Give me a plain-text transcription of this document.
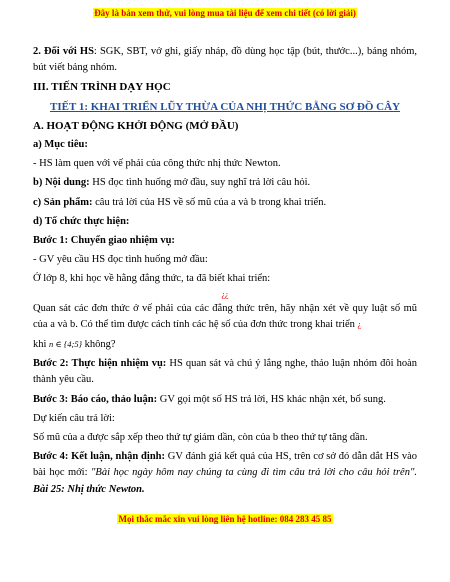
Đây là bản xem thử, vui lòng mua tài liệu để xem chi tiết (có lời giải)

2. Đối với HS: SGK, SBT, vở ghi, giấy nháp, đồ dùng học tập (bút, thước...), bảng nhóm, bút viết bảng nhóm.

III. TIẾN TRÌNH DẠY HỌC

TIẾT 1: KHAI TRIỂN LŨY THỪA CỦA NHỊ THỨC BẰNG SƠ ĐỒ CÂY

A. HOẠT ĐỘNG KHỞI ĐỘNG (MỞ ĐẦU)

a) Mục tiêu:

- HS làm quen với vế phải của công thức nhị thức Newton.

b) Nội dung: HS đọc tình huống mở đầu, suy nghĩ trả lời câu hỏi.

c) Sản phẩm: câu trả lời của HS về số mũ của a và b trong khai triển.

d) Tổ chức thực hiện:

Bước 1: Chuyển giao nhiệm vụ:

- GV yêu cầu HS đọc tình huống mở đầu:

Ở lớp 8, khi học về hằng đẳng thức, ta đã biết khai triển:

¿¿

Quan sát các đơn thức ở vế phải của các đẳng thức trên, hãy nhận xét về quy luật số mũ của a và b. Có thể tìm được cách tính các hệ số của đơn thức trong khai triển ¿

khi n ∈ {4;5} không?

Bước 2: Thực hiện nhiệm vụ: HS quan sát và chú ý lắng nghe, thảo luận nhóm đôi hoàn thành yêu cầu.

Bước 3: Báo cáo, thảo luận: GV gọi một số HS trả lời, HS khác nhận xét, bổ sung.

Dự kiến câu trả lời:

Số mũ của a được sắp xếp theo thứ tự giảm dần, còn của b theo thứ tự tăng dần.

Bước 4: Kết luận, nhận định: GV đánh giá kết quả của HS, trên cơ sở đó dẫn dắt HS vào bài học mới: "Bài học ngày hôm nay chúng ta cùng đi tìm câu trả lời cho câu hỏi trên". Bài 25: Nhị thức Newton.

Mọi thắc mắc xin vui lòng liên hệ hotline: 084 283 45 85
